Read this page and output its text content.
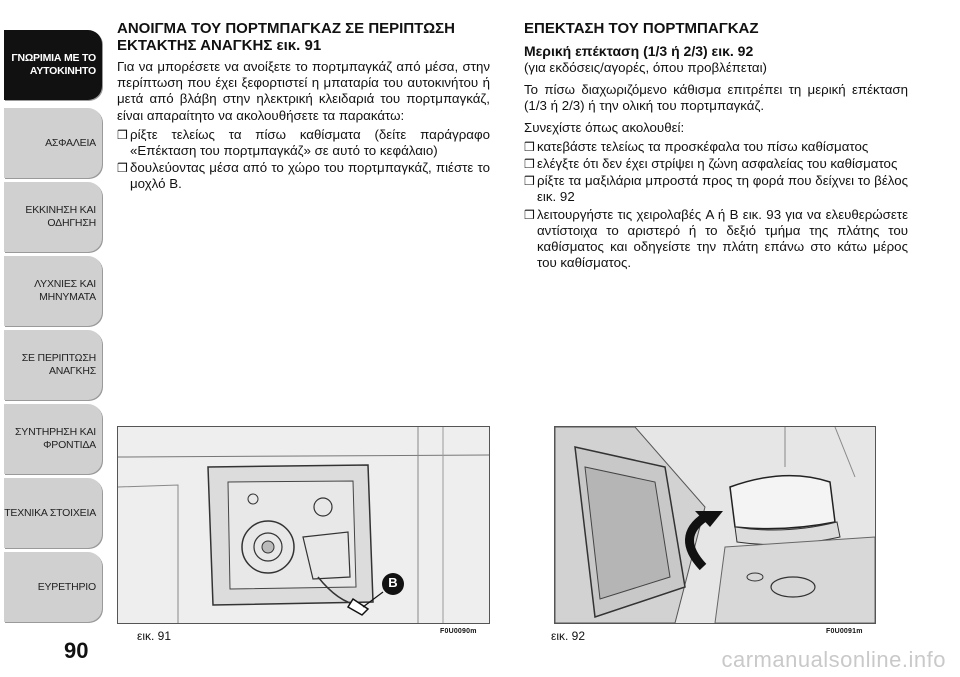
ΓΝΩΡΙΜΙΑ ΜΕ ΤΟ
ΑΥΤΟΚΙΝΗΤΟ
ΑΣΦΑΛΕΙΑ
ΕΚΚΙΝΗΣΗ ΚΑΙ
ΟΔΗΓΗΣΗ
ΛΥΧΝΙΕΣ ΚΑΙ
ΜΗΝΥΜΑΤΑ
ΣΕ ΠΕΡΙΠΤΩΣΗ
ΑΝΑΓΚΗΣ
ΣΥΝΤΗΡΗΣΗ ΚΑΙ
ΦΡΟΝΤΙΔΑ
ΤΕΧΝΙΚΑ ΣΤΟΙΧΕΙΑ
ΕΥΡΕΤΗΡΙΟ
90
ΑΝΟΙΓΜΑ ΤΟΥ ΠΟΡΤΜΠΑΓΚΑΖ ΣΕ ΠΕΡΙΠΤΩΣΗ ΕΚΤΑΚΤΗΣ ΑΝΑΓΚΗΣ εικ. 91

Για να μπορέσετε να ανοίξετε το πορτμπαγκάζ από μέσα, στην περίπτωση που έχει ξεφορτιστεί η μπαταρία του αυτοκινήτου ή μετά από βλάβη στην ηλεκτρική κλειδαριά του πορτμπαγκάζ, είναι απαραίτητο να ακολουθήσετε τα παρακάτω:

❒ ρίξτε τελείως τα πίσω καθίσματα (δείτε παράγραφο «Επέκταση του πορτμπαγκάζ» σε αυτό το κεφάλαιο)
❒ δουλεύοντας μέσα από το χώρο του πορτμπαγκάζ, πιέστε το μοχλό B.
ΕΠΕΚΤΑΣΗ ΤΟΥ ΠΟΡΤΜΠΑΓΚΑΖ
Μερική επέκταση (1/3 ή 2/3) εικ. 92

(για εκδόσεις/αγορές, όπου προβλέπεται)

Το πίσω διαχωριζόμενο κάθισμα επιτρέπει τη μερική επέκταση (1/3 ή 2/3) ή την ολική του πορτμπαγκάζ.

Συνεχίστε όπως ακολουθεί:

❒ κατεβάστε τελείως τα προσκέφαλα του πίσω καθίσματος
❒ ελέγξτε ότι δεν έχει στρίψει η ζώνη ασφαλείας του καθίσματος
❒ ρίξτε τα μαξιλάρια μπροστά προς τη φορά που δείχνει το βέλος εικ. 92
❒ λειτουργήστε τις χειρολαβές A ή B εικ. 93 για να ελευθερώσετε αντίστοιχα το αριστερό ή το δεξιό τμήμα της πλάτης του καθίσματος και οδηγείστε την πλάτη επάνω στο κάτω μέρος του καθίσματος.
B
εικ. 91	F0U0090m	εικ. 92	F0U0091m
carmanualsonline.info
